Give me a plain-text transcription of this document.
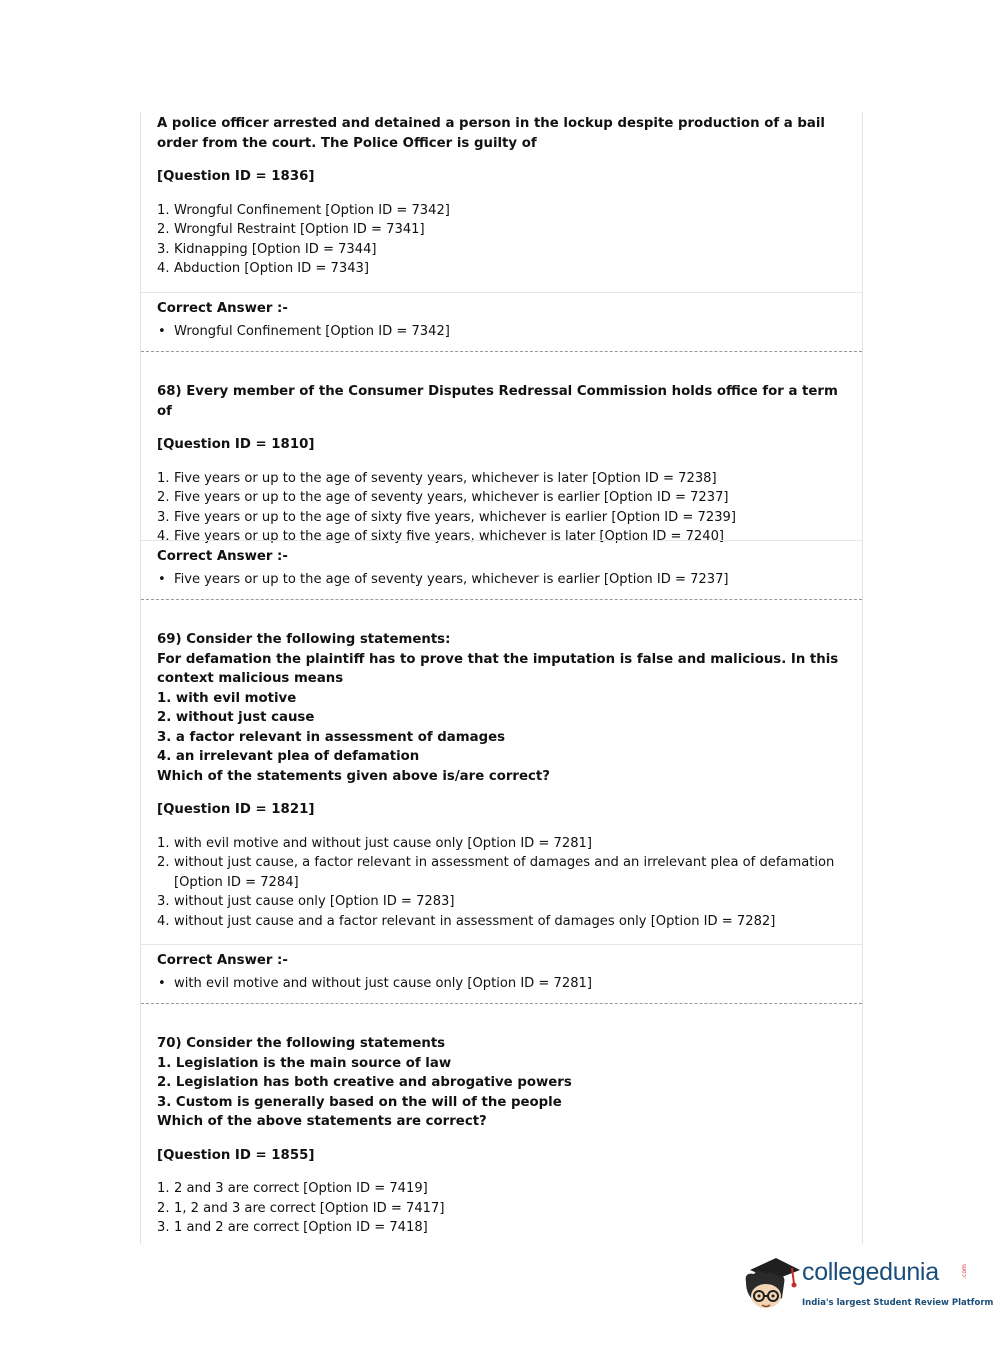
A police officer arrested and detained a person in the lockup despite production of a bail order from the court. The Police Officer is guilty of

[Question ID = 1836]

1. Wrongful Confinement [Option ID = 7342]
2. Wrongful Restraint [Option ID = 7341]
3. Kidnapping [Option ID = 7344]
4. Abduction [Option ID = 7343]

Correct Answer :-

• Wrongful Confinement [Option ID = 7342]

68) Every member of the Consumer Disputes Redressal Commission holds office for a term of

[Question ID = 1810]

1. Five years or up to the age of seventy years, whichever is later [Option ID = 7238]
2. Five years or up to the age of seventy years, whichever is earlier [Option ID = 7237]
3. Five years or up to the age of sixty five years, whichever is earlier [Option ID = 7239]
4. Five years or up to the age of sixty five years, whichever is later [Option ID = 7240]

Correct Answer :-

• Five years or up to the age of seventy years, whichever is earlier [Option ID = 7237]

69) Consider the following statements:

For defamation the plaintiff has to prove that the imputation is false and malicious. In this context malicious means

1. with evil motive

2. without just cause

3. a factor relevant in assessment of damages

4. an irrelevant plea of defamation

Which of the statements given above is/are correct?

[Question ID = 1821]

1. with evil motive and without just cause only [Option ID = 7281]
2. without just cause, a factor relevant in assessment of damages and an irrelevant plea of defamation [Option ID = 7284]
3. without just cause only [Option ID = 7283]
4. without just cause and a factor relevant in assessment of damages only [Option ID = 7282]

Correct Answer :-

• with evil motive and without just cause only [Option ID = 7281]

70) Consider the following statements

1. Legislation is the main source of law

2. Legislation has both creative and abrogative powers

3. Custom is generally based on the will of the people

Which of the above statements are correct?

[Question ID = 1855]

1. 2 and 3 are correct [Option ID = 7419]
2. 1, 2 and 3 are correct [Option ID = 7417]
3. 1 and 2 are correct [Option ID = 7418]
collegedunia	.com
India's largest Student Review Platform
